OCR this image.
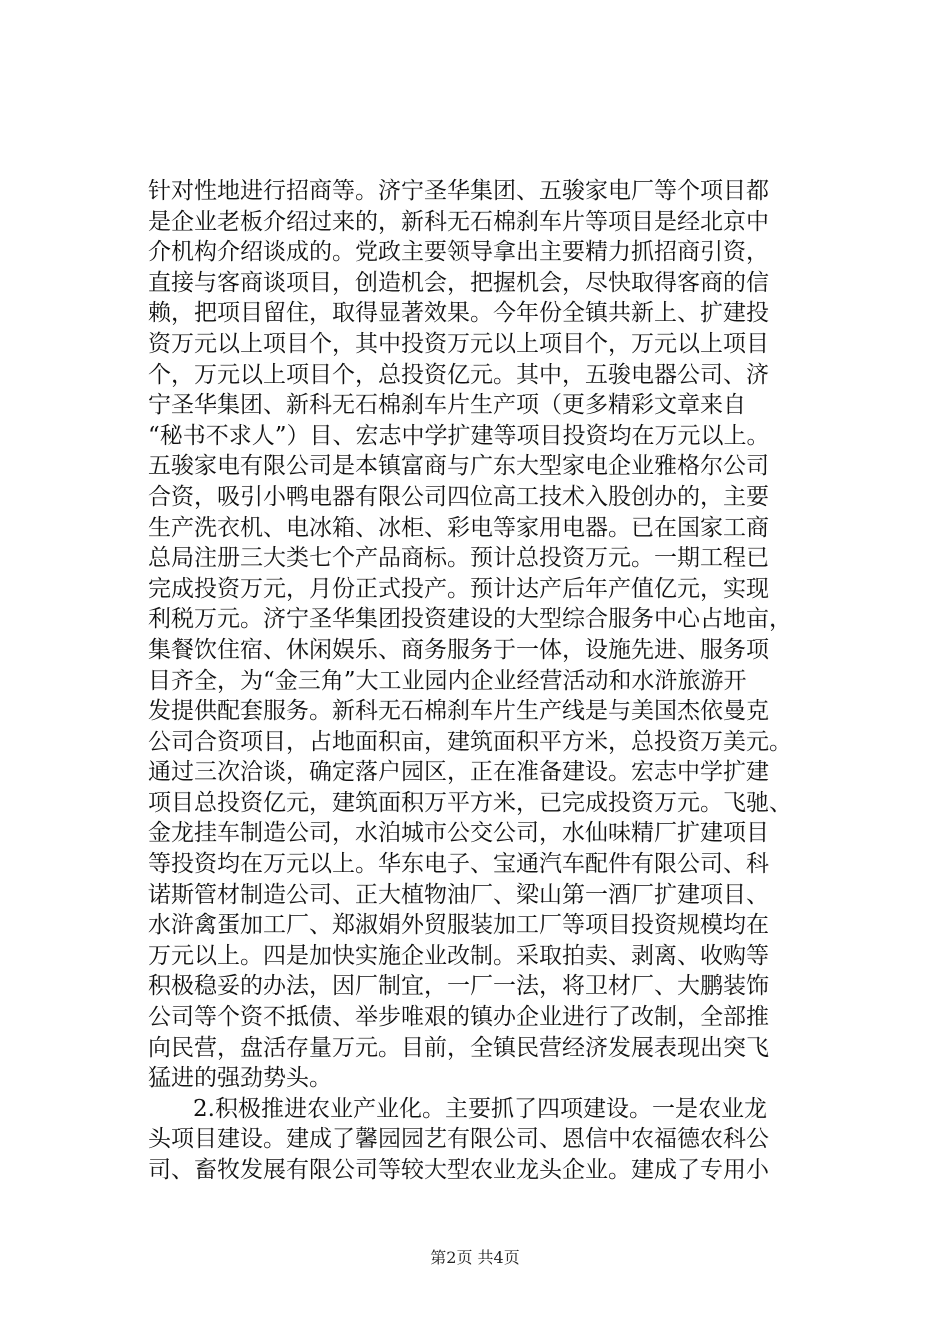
针对性地进行招商等。济宁圣华集团、五骏家电厂等个项目都
是企业老板介绍过来的，新科无石棉刹车片等项目是经北京中
介机构介绍谈成的。党政主要领导拿出主要精力抓招商引资，
直接与客商谈项目，创造机会，把握机会，尽快取得客商的信
赖，把项目留住，取得显著效果。今年份全镇共新上、扩建投
资万元以上项目个，其中投资万元以上项目个，万元以上项目
个，万元以上项目个，总投资亿元。其中，五骏电器公司、济
宁圣华集团、新科无石棉刹车片生产项（更多精彩文章来自
“秘书不求人”）目、宏志中学扩建等项目投资均在万元以上。
五骏家电有限公司是本镇富商与广东大型家电企业雅格尔公司
合资，吸引小鸭电器有限公司四位高工技术入股创办的，主要
生产洗衣机、电冰箱、冰柜、彩电等家用电器。已在国家工商
总局注册三大类七个产品商标。预计总投资万元。一期工程已
完成投资万元，月份正式投产。预计达产后年产值亿元，实现
利税万元。济宁圣华集团投资建设的大型综合服务中心占地亩，
集餐饮住宿、休闲娱乐、商务服务于一体，设施先进、服务项
目齐全，为“金三角”大工业园内企业经营活动和水浒旅游开
发提供配套服务。新科无石棉刹车片生产线是与美国杰依曼克
公司合资项目，占地面积亩，建筑面积平方米，总投资万美元。
通过三次洽谈，确定落户园区，正在准备建设。宏志中学扩建
项目总投资亿元，建筑面积万平方米，已完成投资万元。飞驰、
金龙挂车制造公司，水泊城市公交公司，水仙味精厂扩建项目
等投资均在万元以上。华东电子、宝通汽车配件有限公司、科
诺斯管材制造公司、正大植物油厂、梁山第一酒厂扩建项目、
水浒禽蛋加工厂、郑淑娟外贸服装加工厂等项目投资规模均在
万元以上。四是加快实施企业改制。采取拍卖、剥离、收购等
积极稳妥的办法，因厂制宜，一厂一法，将卫材厂、大鹏装饰
公司等个资不抵债、举步唯艰的镇办企业进行了改制，全部推
向民营，盘活存量万元。目前，全镇民营经济发展表现出突飞
猛进的强劲势头。
2.积极推进农业产业化。主要抓了四项建设。一是农业龙
头项目建设。建成了馨园园艺有限公司、恩信中农福德农科公
司、畜牧发展有限公司等较大型农业龙头企业。建成了专用小
第2页 共4页
